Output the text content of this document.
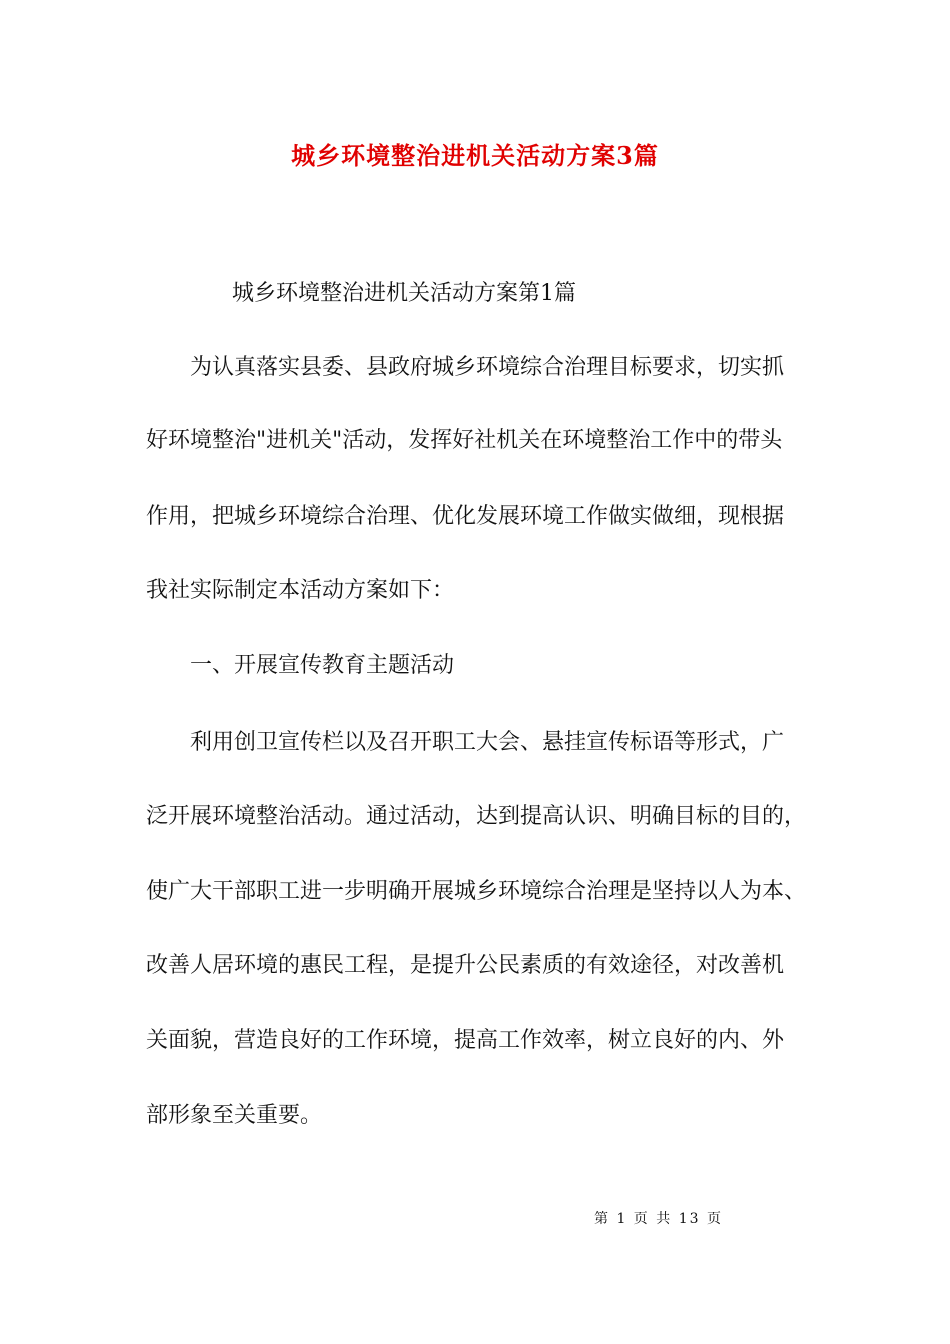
城乡环境整治进机关活动方案3篇
城乡环境整治进机关活动方案第1篇
为认真落实县委、县政府城乡环境综合治理目标要求，切实抓
好环境整治"进机关"活动，发挥好社机关在环境整治工作中的带头
作用，把城乡环境综合治理、优化发展环境工作做实做细，现根据
我社实际制定本活动方案如下：
一、开展宣传教育主题活动
利用创卫宣传栏以及召开职工大会、悬挂宣传标语等形式，广
泛开展环境整治活动。通过活动，达到提高认识、明确目标的目的，
使广大干部职工进一步明确开展城乡环境综合治理是坚持以人为本、
改善人居环境的惠民工程，是提升公民素质的有效途径，对改善机
关面貌，营造良好的工作环境，提高工作效率，树立良好的内、外
部形象至关重要。
第 1 页 共 13 页
